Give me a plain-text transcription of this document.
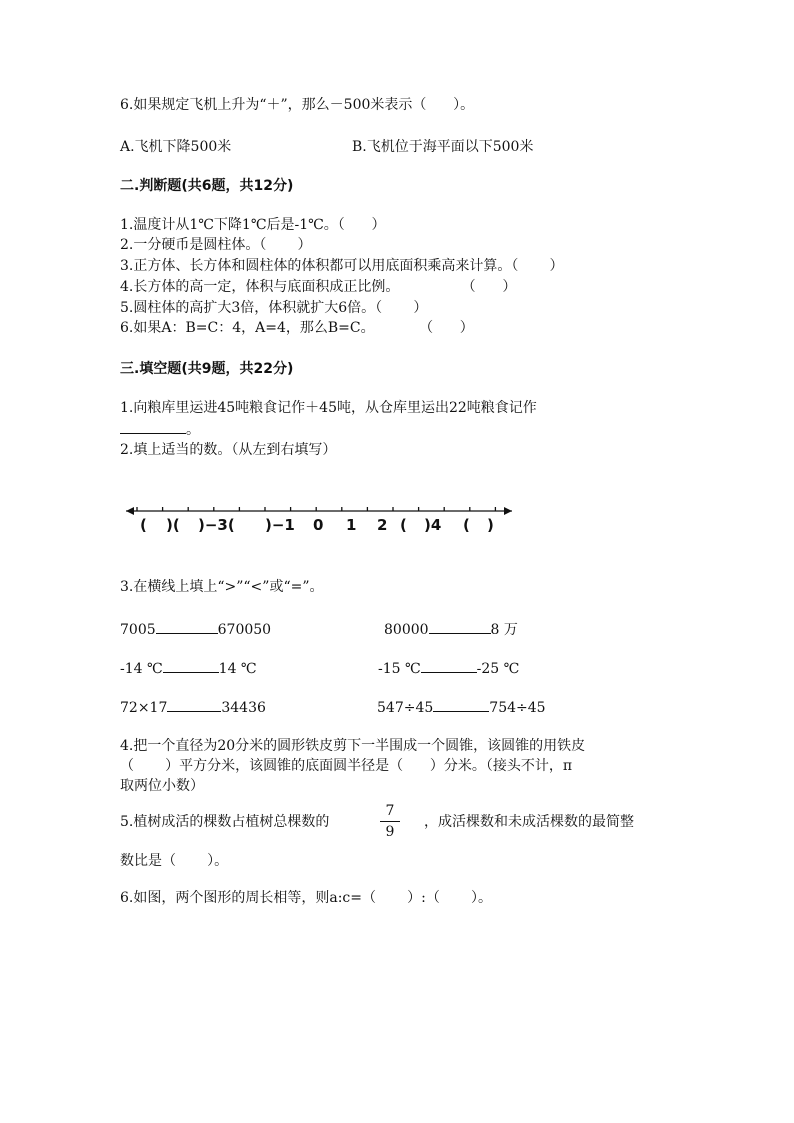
6.如果规定飞机上升为“＋”，那么－500米表示（      ）。
A.飞机下降500米	B.飞机位于海平面以下500米
二.判断题(共6题，共12分)
1.温度计从1℃下降1℃后是-1℃。（      ）
2.一分硬币是圆柱体。（       ）
3.正方体、长方体和圆柱体的体积都可以用底面积乘高来计算。（       ）
4.长方体的高一定，体积与底面积成正比例。              （      ）
5.圆柱体的高扩大3倍，体积就扩大6倍。（       ）
6.如果A：B=C：4，A=4，那么B=C。          （      ）
三.填空题(共9题，共22分)
1.向粮库里运进45吨粮食记作＋45吨，从仓库里运出22吨粮食记作
。
2.填上适当的数。（从左到右填写）
( )( )−3( )−1 0 1 2 ( )4 ( )
3.在横线上填上“>”“<”或“=”。
7005	670050	80000	8 万
-14 ℃	14 ℃	-15 ℃	-25 ℃
72×17	34436	547÷45	754÷45
4.把一个直径为20分米的圆形铁皮剪下一半围成一个圆锥，该圆锥的用铁皮
（       ）平方分米，该圆锥的底面圆半径是（      ）分米。（接头不计，π
取两位小数）
5.植树成活的棵数占植树总棵数的
7
9
，成活棵数和未成活棵数的最简整
数比是（       ）。
6.如图，两个图形的周长相等，则a:c=（       ）:（       ）。
